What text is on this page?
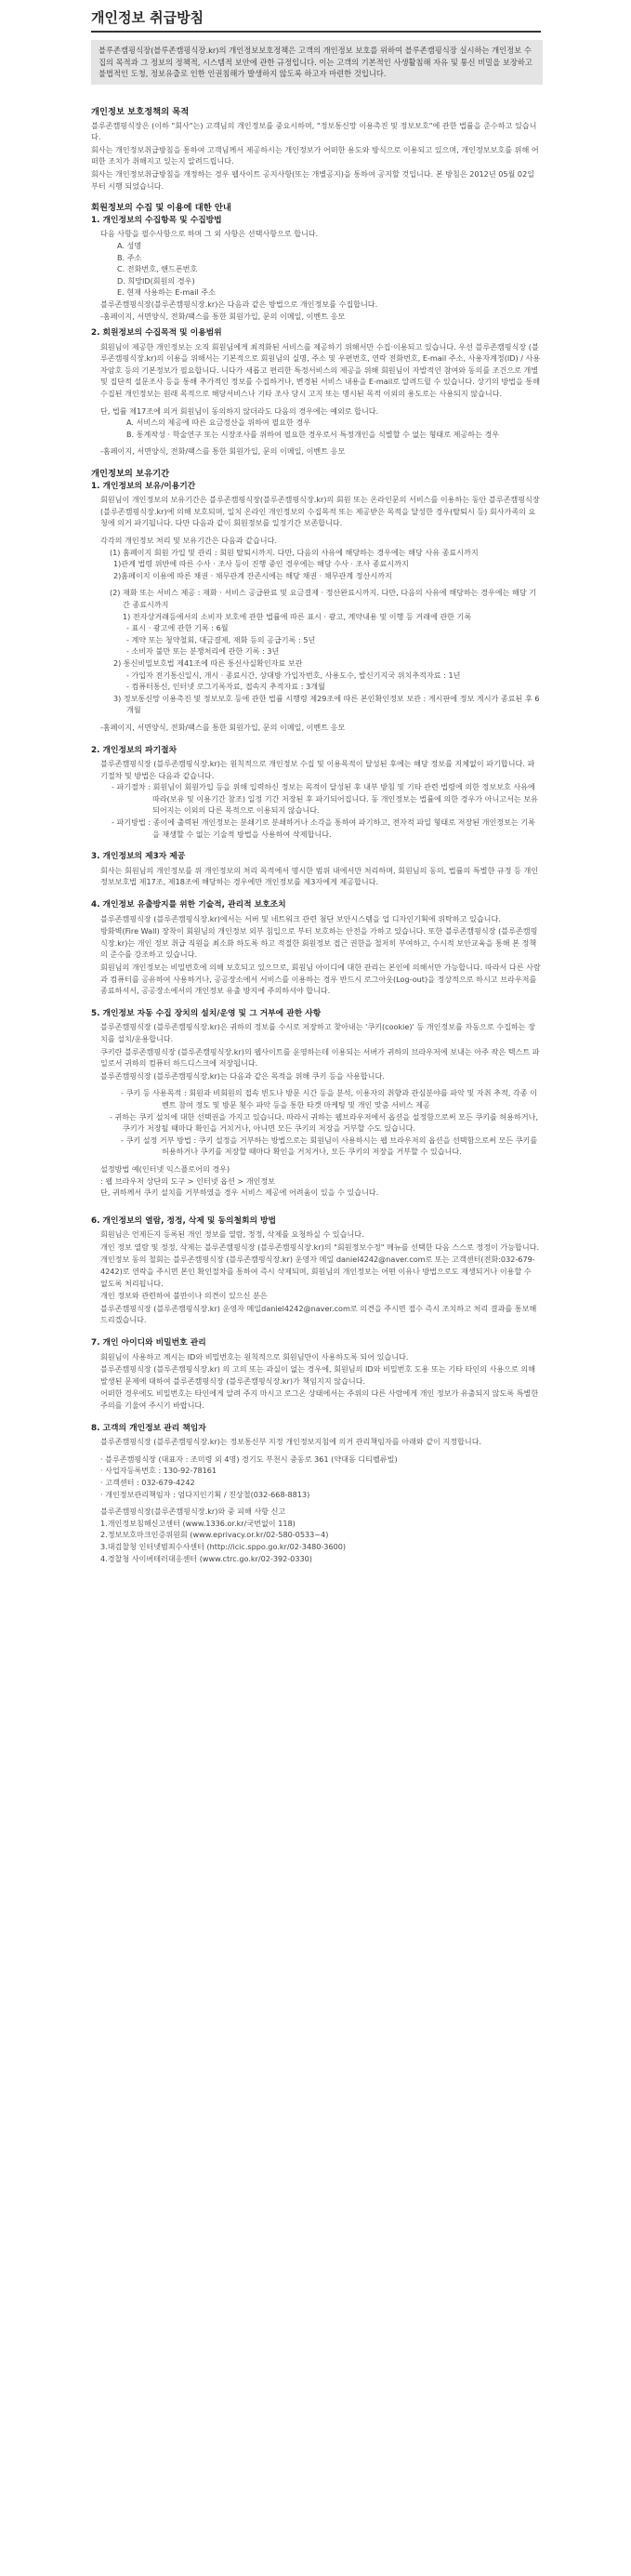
개인정보 취급방침

블루존캠핑식장(블루존캠핑식장.kr)의 개인정보보호정책은 고객의 개인정보 보호를 위하여 블루존캠핑식장 실시하는 개인정보 수집의 목적과 그 정보의 정책적, 시스템적 보안에 관한 규정입니다. 이는 고객의 기본적인 사생활침해 자유 및 통신 비밀을 보장하고 불법적인 도청, 정보유출로 인한 인권침해가 발생하지 않도록 하고자 마련한 것입니다.

개인정보 보호정책의 목적

블루존캠핑식장은 (이하 "회사"는) 고객님의 개인정보를 중요시하며, "정보통신망 이용촉진 및 정보보호"에 관한 법률을 준수하고 있습니다.

회사는 개인정보취급방침을 통하여 고객님께서 제공하시는 개인정보가 어떠한 용도와 방식으로 이용되고 있으며, 개인정보보호를 위해 어떠한 조치가 취해지고 있는지 알려드립니다.

회사는 개인정보취급방침을 개정하는 경우 웹사이트 공지사항(또는 개별공지)을 통하여 공지할 것입니다. 본 방침은 2012년 05월 02일 부터 시행 되었습니다.

회원정보의 수집 및 이용에 대한 안내

1. 개인정보의 수집항목 및 수집방법

다음 사항을 필수사항으로 하며 그 외 사항은 선택사항으로 합니다.

A. 성명
B. 주소
C. 전화번호, 핸드폰번호
D. 희망ID(회원의 경우)
E. 현재 사용하는 E-mail 주소

블루존캠핑식장(블루존캠핑식장.kr)은 다음과 같은 방법으로 개인정보를 수집합니다.

-홈페이지, 서면양식, 전화/팩스를 통한 회원가입, 문의 이메일, 이벤트 응모

2. 회원정보의 수집목적 및 이용범위

회원님이 제공한 개인정보는 오직 회원님에게 최적화된 서비스를 제공하기 위해서만 수집·이용되고 있습니다. 우선 블루존캠핑식장 (블루존캠핑식장.kr)의 이용을 위해서는 기본적으로 회원님의 실명, 주소 및 우편번호, 연락 전화번호, E-mail 주소, 사용자계정(ID) / 사용자암호 등의 기본정보가 필요합니다. 니다가 새롭고 편리한 특정서비스의 제공을 위해 회원님이 자발적인 참여와 동의를 조건으로 개별 및 집단적 설문조사 등을 통해 추가적인 정보를 수집하거나, 변경된 서비스 내용을 E-mail로 알려드릴 수 있습니다. 상기의 방법을 통해 수집된 개인정보는 원래 목적으로 해당서비스나 기타 조사 당시 고지 또는 명시된 목적 이외의 용도로는 사용되지 않습니다.

단, 법률 제17조에 의거 회원님이 동의하지 않더라도 다음의 경우에는 예외로 합니다.

A. 서비스의 제공에 따른 요금정산을 위하여 필요한 경우
B. 통계작성 · 학술연구 또는 시장조사를 위하여 필요한 경우로서 특정개인을 식별할 수 없는 형태로 제공하는 경우

-홈페이지, 서면양식, 전화/팩스를 통한 회원가입, 문의 이메일, 이벤트 응모

개인정보의 보유기간

1. 개인정보의 보유/이용기간

회원님이 개인정보의 보유기간은 블루존캠핑식장(블루존캠핑식장.kr)의 회원 또는 온라인문의 서비스를 이용하는 동안 블루존캠핑식장 (블루존캠핑식장.kr)에 의해 보호되며, 일치 온라인 개인정보의 수집목적 또는 제공받은 목적을 달성한 경우(탈퇴시 등) 회사가족의 요청에 의거 파기됩니다. 다만 다음과 같이 회원정보를 일정기간 보존합니다.

각각의 개인정보 처리 및 보유기간은 다음과 같습니다.

(1) 홈페이지 회원 가입 및 관리 : 회원 탈퇴시까지. 다만, 다음의 사유에 해당하는 경우에는 해당 사유 종료시까지
1)관계 법령 위반에 따른 수사 · 조사 등이 진행 중인 경우에는 해당 수사 · 조사 종료시까지
2)홈페이지 이용에 따른 채권 · 채무관계 잔존시에는 해당 채권 · 채무관계 정산시까지
(2) 재화 또는 서비스 제공 : 재화 · 서비스 공급완료 및 요금결제 · 정산완료시까지. 다만, 다음의 사유에 해당하는 경우에는 해당 기간 종료시까지
1) 전자상거래등에서의 소비자 보호에 관한 법률에 따른 표시 · 광고, 계약내용 및 이행 등 거래에 관한 기록
- 표시 · 광고에 관한 기록 : 6월
- 계약 또는 청약철회, 대금결제, 재화 등의 공급기록 : 5년
- 소비자 불만 또는 분쟁처리에 관한 기록 : 3년
2) 통신비밀보호법 제41조에 따른 통신사실확인자료 보관
- 가입자 전기통신일시, 개시 · 종료시간, 상대방 가입자번호, 사용도수, 발신기지국 위치추적자료 : 1년
- 컴퓨터통신, 인터넷 로그기록자료, 접속지 추적자료 : 3개월
3) 정보통신망 이용촉진 및 정보보호 등에 관한 법률 시행령 제29조에 따른 본인확인정보 보관 : 게시판에 정보 게시가 종료된 후 6개월

-홈페이지, 서면양식, 전화/팩스를 통한 회원가입, 문의 이메일, 이벤트 응모

2. 개인정보의 파기절차

블루존캠핑식장 (블루존캠핑식장.kr)는 원칙적으로 개인정보 수집 및 이용목적이 달성된 후에는 해당 정보를 지체없이 파기합니다. 파기절차 및 방법은 다음과 같습니다.

- 파기절차 : 회원님이 회원가입 등을 위해 입력하신 정보는 목적이 달성된 후 내부 방침 및 기타 관련 법령에 의한 정보보호 사유에 따라(보유 및 이용기간 참조) 일정 기간 저장된 후 파기되어집니다. 동 개인정보는 법률에 의한 경우가 아니고서는 보유되어지는 이외의 다른 목적으로 이용되지 않습니다.
- 파기방법 : 종이에 출력된 개인정보는 분쇄기로 분쇄하거나 소각을 통하여 파기하고, 전자적 파일 형태로 저장된 개인정보는 기록을 재생할 수 없는 기술적 방법을 사용하여 삭제합니다.

3. 개인정보의 제3자 제공

회사는 회원님의 개인정보를 위 개인정보의 처리 목적에서 명시한 범위 내에서만 처리하며, 회원님의 동의, 법률의 특별한 규정 등 개인정보보호법 제17조, 제18조에 해당하는 경우에만 개인정보를 제3자에게 제공합니다.

4. 개인정보 유출방지를 위한 기술적, 관리적 보호조치

블루존캠핑식장 (블루존캠핑식장.kr)에서는 서버 및 네트워크 관련 첨단 보안시스템을 업 디자인기획에 위탁하고 있습니다.

방화벽(Fire Wall) 장착이 회원님의 개인정보 외부 침입으로 부터 보호하는 안전을 가하고 있습니다. 또한 블루존캠핑식장 (블루존캠핑식장.kr)는 개인 정보 취급 직원을 최소화 하도록 하고 적절한 회원정보 접근 권한을 철저히 부여하고, 수시적 보안교육을 통해 본 정책의 준수를 강조하고 있습니다.

회원님의 개인정보는 비밀번호에 의해 보호되고 있으므로, 회원님 아이디에 대한 관리는 본인에 의해서만 가능합니다. 따라서 다른 사람과 컴퓨터를 공유하여 사용하거나, 공공장소에서 서비스를 이용하는 경우 반드시 로그아웃(Log-out)을 정상적으로 하시고 브라우저를 종료하셔서, 공공장소에서의 개인정보 유출 방지에 주의하셔야 합니다.

5. 개인정보 자동 수집 장치의 설치/운영 및 그 거부에 관한 사항

블루존캠핑식장 (블루존캠핑식장.kr)은 귀하의 정보를 수시로 저장하고 찾아내는 '쿠키(cookie)' 등 개인정보를 자동으로 수집하는 장치를 설치/운용합니다.

쿠키란 블루존캠핑식장 (블루존캠핑식장.kr)의 웹사이트를 운영하는데 이용되는 서버가 귀하의 브라우저에 보내는 아주 작은 텍스트 파일로서 귀하의 컴퓨터 하드디스크에 저장됩니다.

블루존캠핑식장 (블루존캠핑식장.kr)는 다음과 같은 목적을 위해 쿠키 등을 사용합니다.

- 쿠키 등 사용목적 : 회원과 비회원의 접속 빈도나 방문 시간 등을 분석, 이용자의 취향과 관심분야를 파악 및 자취 추적, 각종 이벤트 참여 정도 및 방문 횟수 파악 등을 통한 타겟 마케팅 및 개인 맞춤 서비스 제공
- 귀하는 쿠키 설치에 대한 선택권을 가지고 있습니다. 따라서 귀하는 웹브라우저에서 옵션을 설정함으로써 모든 쿠키를 허용하거나, 쿠키가 저장될 때마다 확인을 거치거나, 아니면 모든 쿠키의 저장을 거부할 수도 있습니다.
- 쿠키 설정 거부 방법 : 쿠키 설정을 거부하는 방법으로는 회원님이 사용하시는 웹 브라우저의 옵션을 선택함으로써 모든 쿠키를 허용하거나 쿠키를 저장할 때마다 확인을 거치거나, 모든 쿠키의 저장을 거부할 수 있습니다.

설정방법 예(인터넷 익스플로어의 경우)

: 웹 브라우저 상단의 도구 > 인터넷 옵션 > 개인정보

단, 귀하께서 쿠키 설치를 거부하였을 경우 서비스 제공에 어려움이 있을 수 있습니다.

6. 개인정보의 열람, 정정, 삭제 및 동의철회의 방법

회원님은 언제든지 등록된 개인 정보를 열람, 정정, 삭제를 요청하실 수 있습니다.

개인 정보 열람 및 정정, 삭제는 블루존캠핑식장 (블루존캠핑식장.kr)의 "회원정보수정" 메뉴를 선택한 다음 스스로 정정이 가능합니다.

개인정보 동의 철회는 블루존캠핑식장 (블루존캠핑식장.kr) 운영자 메일 daniel4242@naver.com로 또는 고객센터(전화:032-679-4242)로 연락을 주시면 본인 확인절차를 통하여 즉시 삭제되며, 회원님의 개인정보는 어떤 이유나 방법으로도 재생되거나 이용할 수 없도록 처리됩니다.

개인 정보와 관련하여 불만이나 의견이 있으신 분은

블루존캠핑식장 (블루존캠핑식장.kr) 운영자 메일daniel4242@naver.com로 의견을 주시면 접수 즉시 조치하고 처리 결과를 통보해 드리겠습니다.

7. 개인 아이디와 비밀번호 관리

회원님이 사용하고 계시는 ID와 비밀번호는 원칙적으로 회원님만이 사용하도록 되어 있습니다.

블루존캠핑식장 (블루존캠핑식장.kr) 의 고의 또는 과실이 없는 경우에, 회원님의 ID와 비밀번호 도용 또는 기타 타인의 사용으로 의해 발생된 문제에 대하여 블루존캠핑식장 (블루존캠핑식장.kr)가 책임지지 않습니다.

어떠한 경우에도 비밀번호는 타인에게 알려 주지 마시고 로그온 상태에서는 주위의 다른 사람에게 개인 정보가 유출되지 않도록 특별한 주의를 기울여 주시기 바랍니다.

8. 고객의 개인정보 관리 책임자

블루존캠핑식장 (블루존캠핑식장.kr)는 정보통신부 지정 개인정보지침에 의거 관리책임자를 아래와 같이 지정합니다.

· 블루존캠핑식장 (대표자 : 조미령 외 4명) 경기도 부천시 중동로 361 (약대동 디티벨류빌)
· 사업자등록번호 : 130-92-78161
· 고객센터 : 032-679-4242
· 개인정보관리책임자 : 엄다지인기획 / 진상철(032-668-8813)

블루존캠핑식장(블루존캠핑식장.kr)와 중 피해 사항 신고

1.개인정보침해신고센터 (www.1336.or.kr/국번없이 118)
2.정보보호마크인증위원회 (www.eprivacy.or.kr/02-580-0533~4)
3.대검찰청 인터넷범죄수사센터 (http://icic.sppo.go.kr/02-3480-3600)
4.경찰청 사이버테러대응센터 (www.ctrc.go.kr/02-392-0330)
